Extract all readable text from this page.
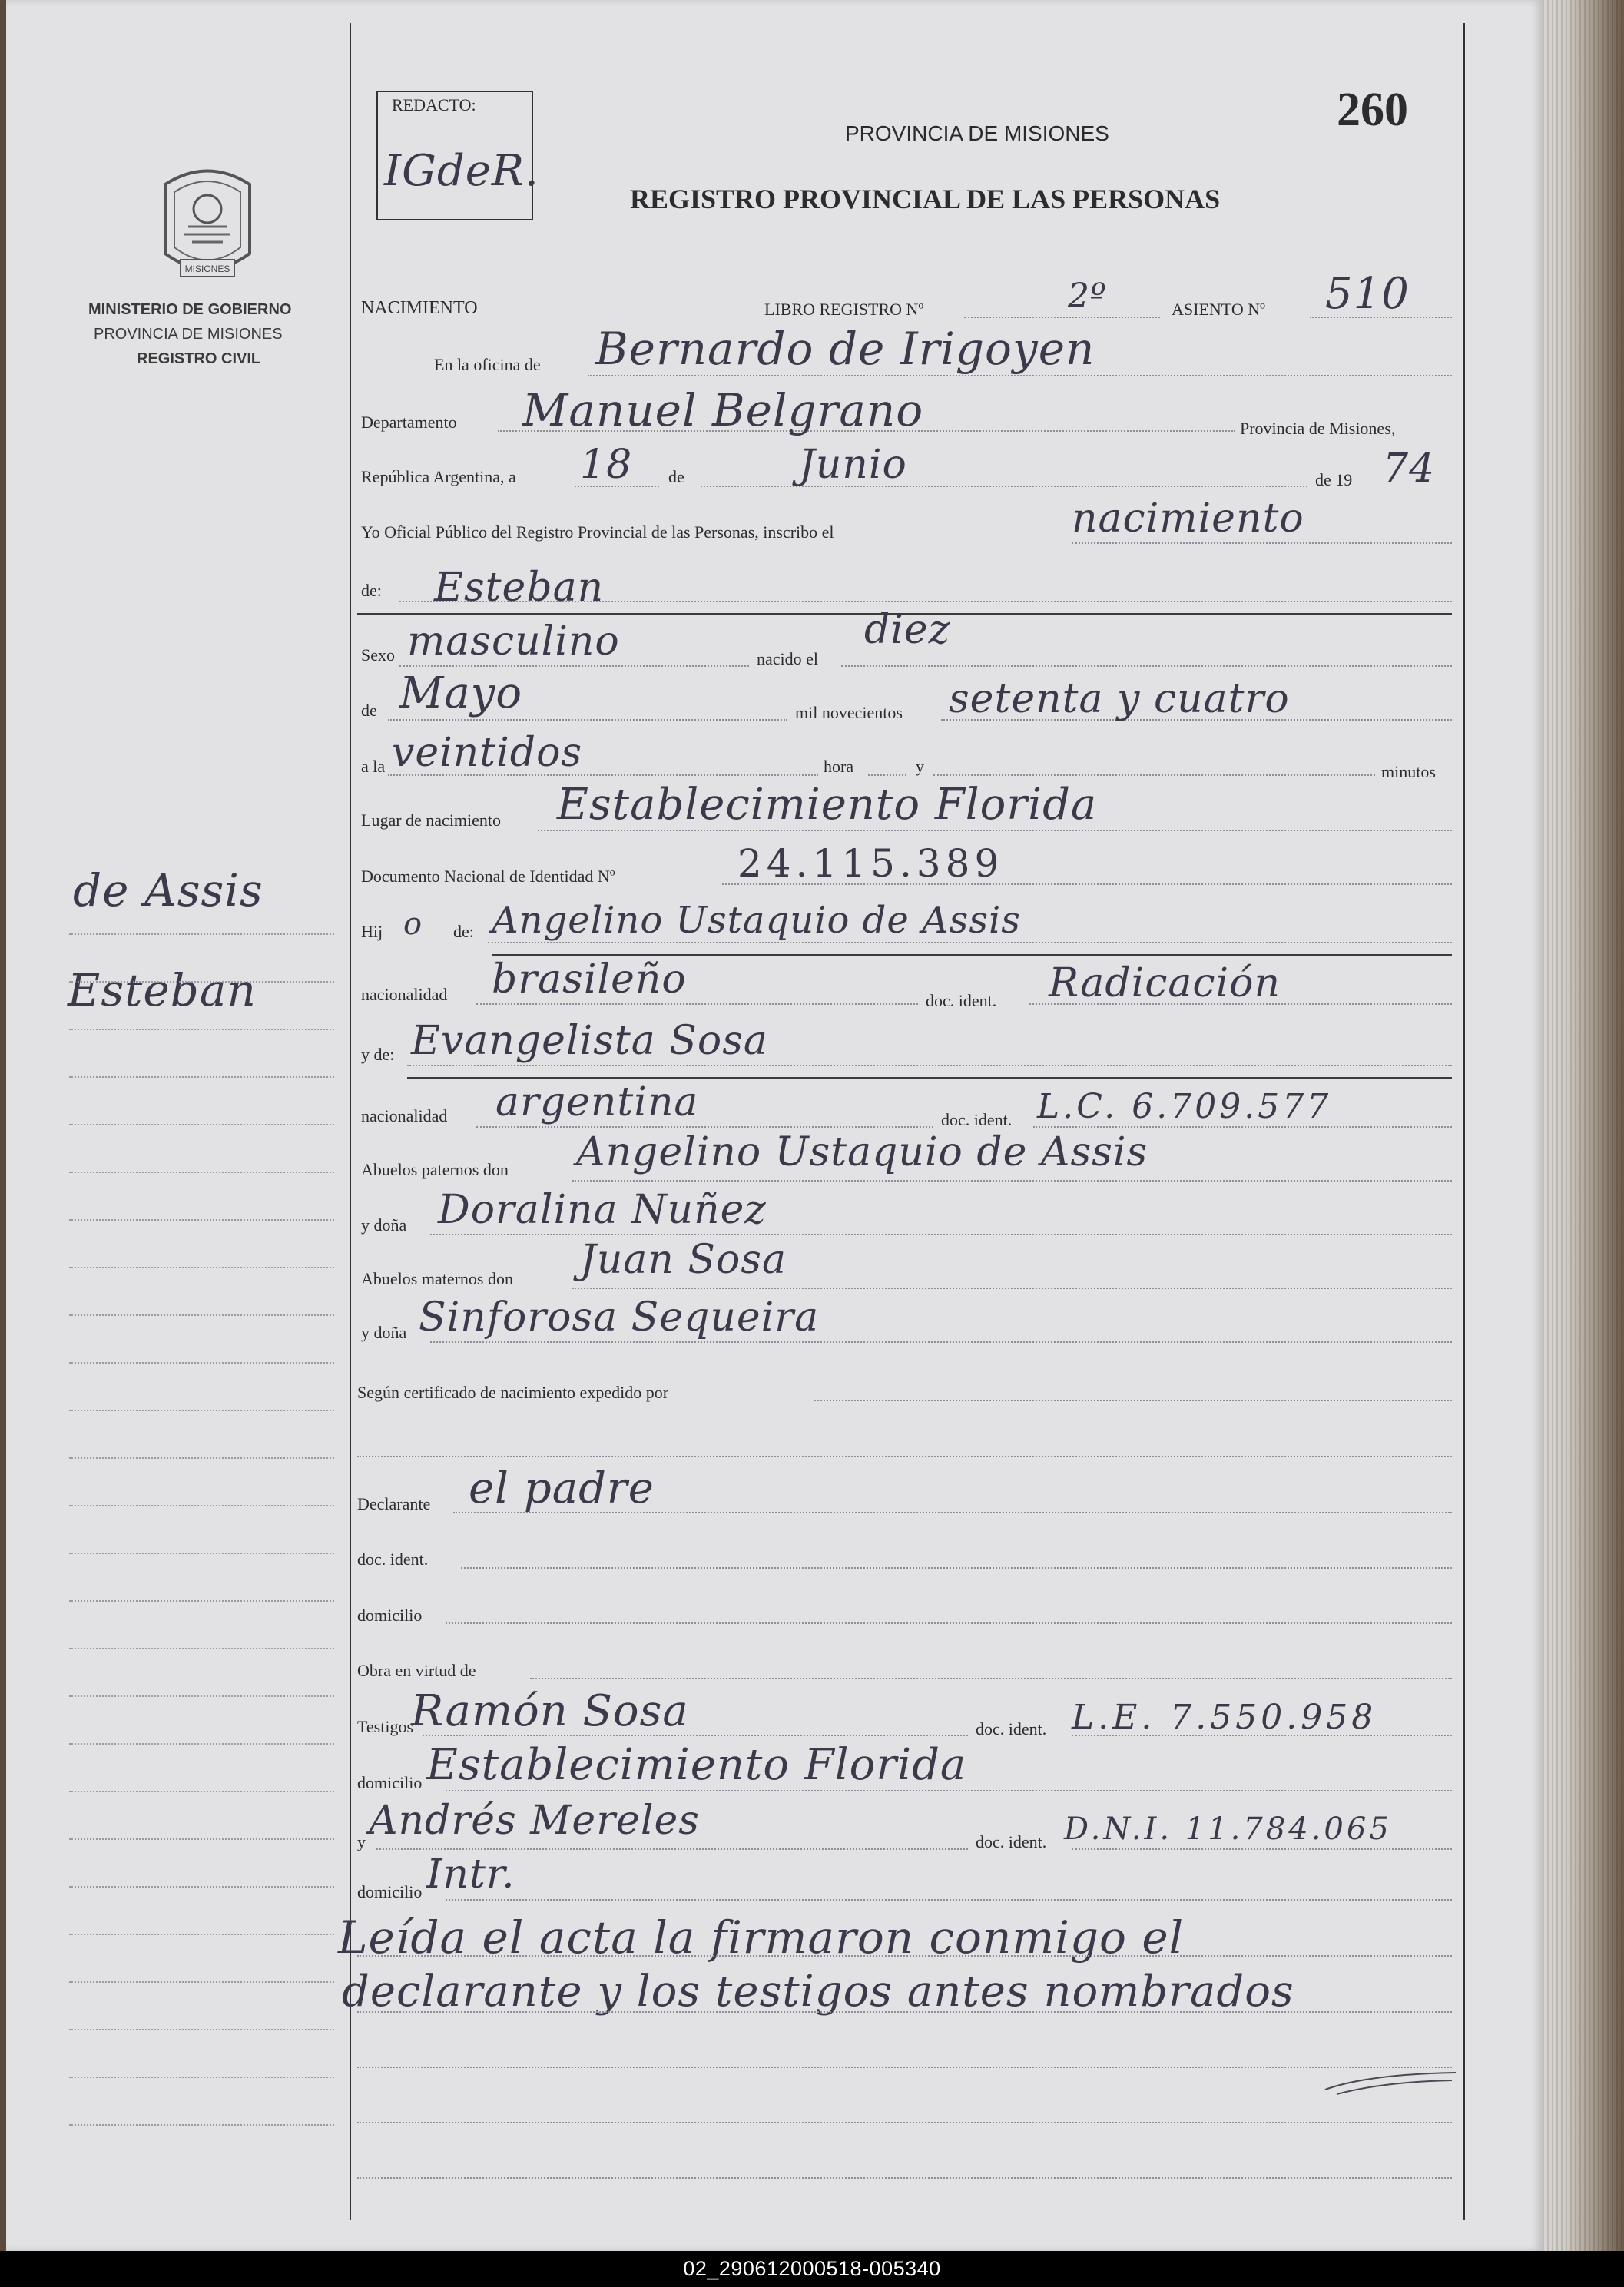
MISIONES
MINISTERIO DE GOBIERNO
PROVINCIA DE MISIONES
REGISTRO CIVIL
de Assis
Esteban
REDACTO:
IGdeR.
260
PROVINCIA DE MISIONES
REGISTRO PROVINCIAL DE LAS PERSONAS
NACIMIENTO	LIBRO REGISTRO Nº	2º	ASIENTO Nº 510
En la oficina de Bernardo de Irigoyen
Departamento Manuel Belgrano	Provincia de Misiones,
República Argentina, a 18 de	Junio	de 19 74
Yo Oficial Público del Registro Provincial de las Personas, inscribo el	nacimiento
de: Esteban
Sexo masculino	nacido el
diez
de Mayo	mil novecientos setenta y cuatro
a la veintidos	hora	y	minutos
Lugar de nacimiento Establecimiento Florida
Documento Nacional de Identidad Nº	24.115.389
Hij o de: Angelino Ustaquio de Assis
nacionalidad brasileño	doc. ident. Radicación
y de: Evangelista Sosa
nacionalidad argentina	doc. ident. L.C. 6.709.577
Abuelos paternos don Angelino Ustaquio de Assis
y doña Doralina Nuñez
Abuelos maternos don Juan Sosa
y doña Sinforosa Sequeira
Según certificado de nacimiento expedido por
Declarante el padre
doc. ident.
domicilio
Obra en virtud de
Testigos
Ramón Sosa	doc. ident. L.E. 7.550.958
domicilio Establecimiento Florida
y Andrés Mereles	doc. ident. D.N.I. 11.784.065
domicilio Intr.
Leída el acta la firmaron conmigo el
declarante y los testigos antes nombrados
02_290612000518-005340
